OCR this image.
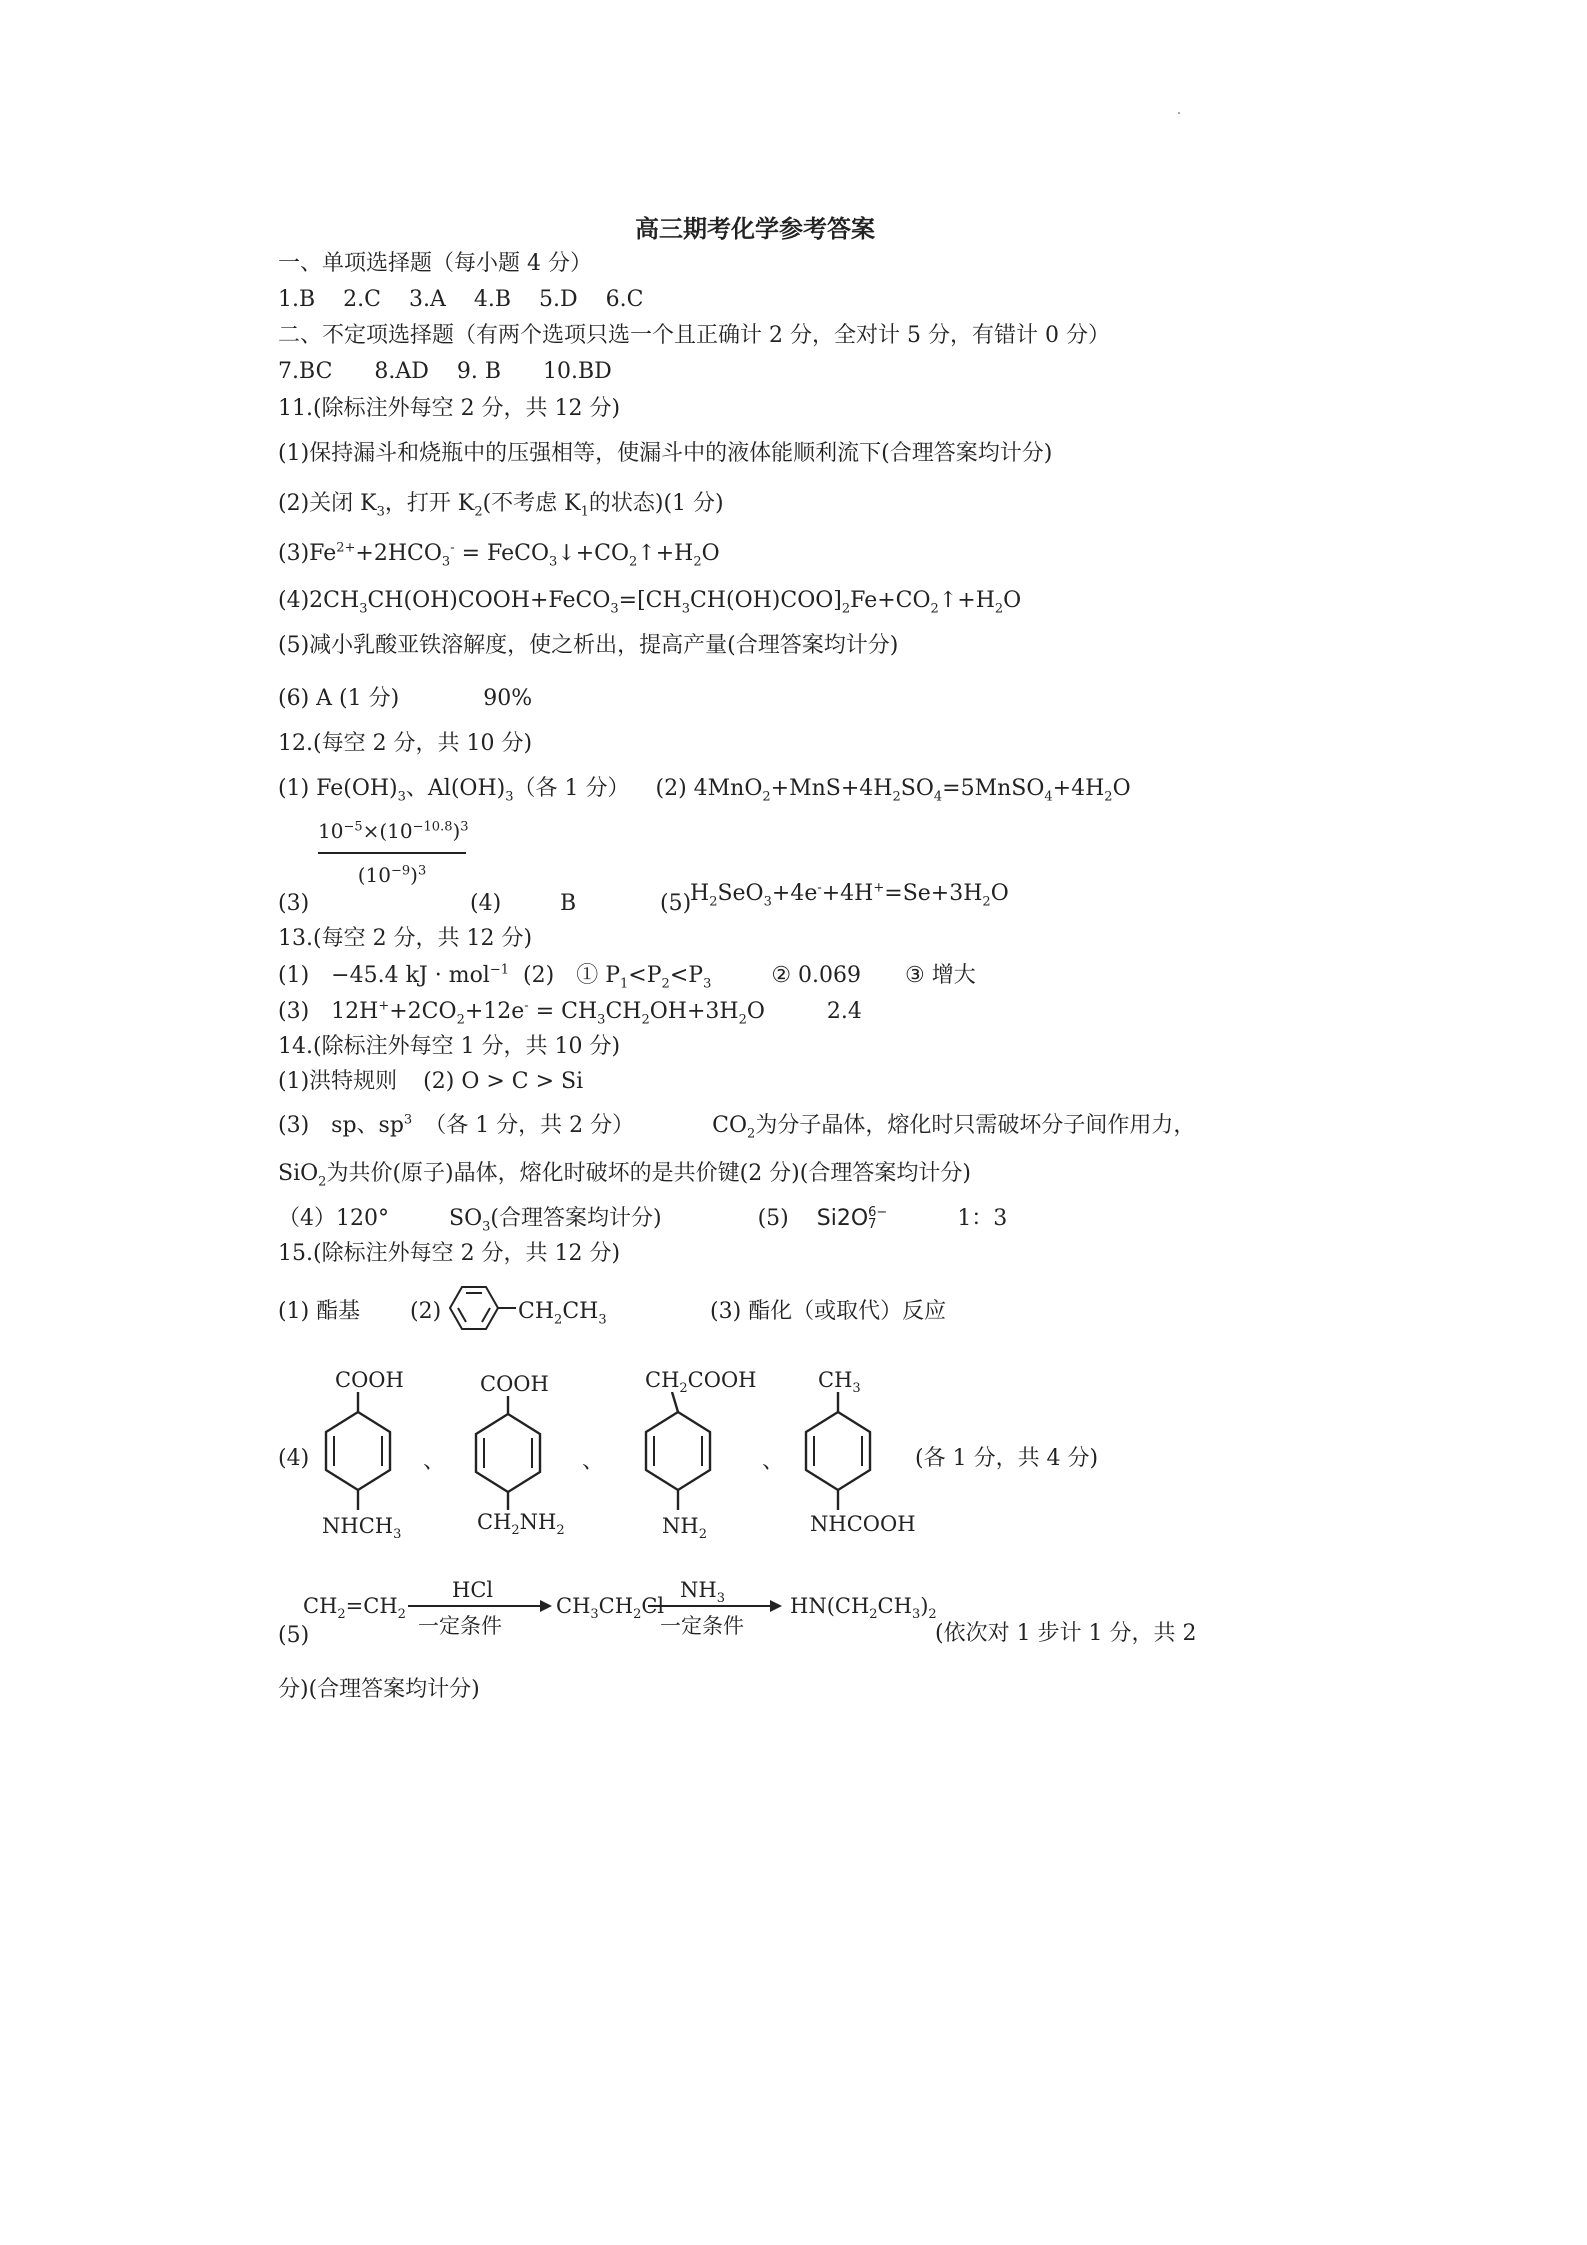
高三期考化学参考答案
一、单项选择题（每小题 4 分）
1.B 2.C 3.A 4.B 5.D 6.C
二、不定项选择题（有两个选项只选一个且正确计 2 分，全对计 5 分，有错计 0 分）
7.BC 8.AD 9. B 10.BD
11.(除标注外每空 2 分，共 12 分)
(1)保持漏斗和烧瓶中的压强相等，使漏斗中的液体能顺利流下(合理答案均计分)
(2)关闭 $K_3$，打开 $K_2$(不考虑 $K_1$的状态)(1 分)
$(3)Fe^{2+}+2HCO_3^-$ = $FeCO_3↓+CO_2↑+H_2O$
$(4)2CH_3CH(OH)COOH+FeCO_3=[CH_3CH(OH)COO]_2Fe+CO_2↑+H_2O$
(5)减小乳酸亚铁溶解度，使之析出，提高产量(合理答案均计分)
(6) A (1 分)	90%
12.(每空 2 分，共 10 分)
(1) $Fe(OH)_3$、$Al(OH)_3$（各 1 分） (2) $4MnO_2+MnS+4H_2SO_4=5MnSO_4+4H_2O$
$10^{-5}\times(10^{-10.8})^3$
$(10^{-9})^3$
(3)	(4)	B	(5)
$H_2SeO_3+4e^-+4H^+=Se+3H_2O$
13.(每空 2 分，共 12 分)
(1)　−45.4 kJ · mol$^{-1}$ (2)　① $P_1<P_2<P_3$	② 0.069 ③ 增大
(3)　$12H^++2CO_2+12e^- = CH_3CH_2OH+3H_2O$	2.4
14.(除标注外每空 1 分，共 10 分)
(1)洪特规则 (2) O > C > Si
(3)　sp、$sp^3$ （各 1 分，共 2 分）	$CO_2$为分子晶体，熔化时只需破坏分子间作用力，
SiO$_2$为共价(原子)晶体，熔化时破坏的是共价键(2 分)(合理答案均计分)
（4）120°	$SO_3$(合理答案均计分)	(5) Si2O 6−
7	1：3
15.(除标注外每空 2 分，共 12 分)
(1) 酯基 (2)	$CH_2CH_3$	(3) 酯化（或取代）反应
(4)
COOH
$NHCH_3$
、
COOH
$CH_2NH_2$
、
$CH_2COOH$
$NH_2$
、
$CH_3$
NHCOOH
(各 1 分，共 4 分)
$CH_2=CH_2$
HCl
一定条件
$CH_3CH_2Cl$
$NH_3$
一定条件
$HN(CH_2CH_3)_2$
(5)	(依次对 1 步计 1 分，共 2
分)(合理答案均计分)
